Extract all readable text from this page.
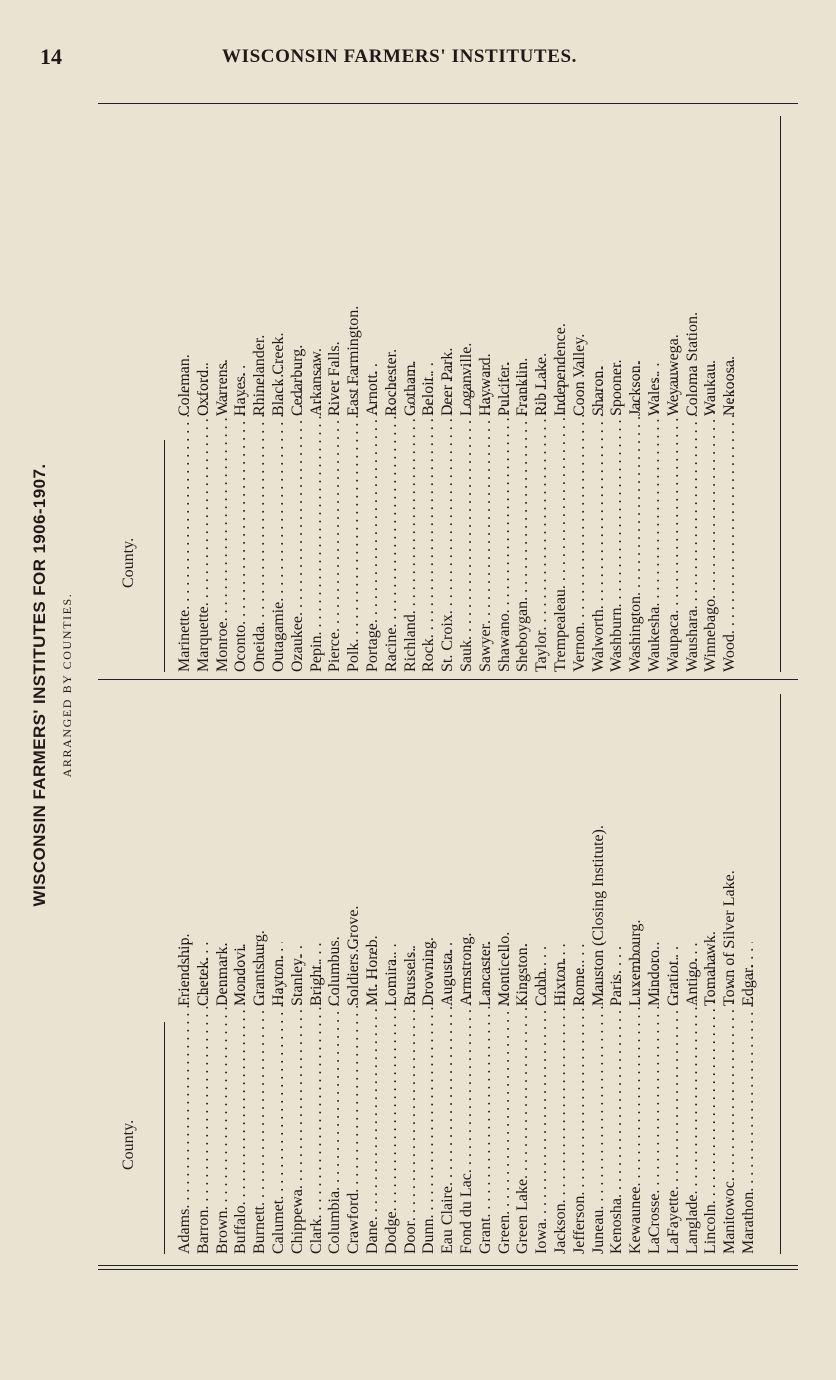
14	WISCONSIN FARMERS' INSTITUTES.
WISCONSIN FARMERS' INSTITUTES FOR 1906-1907. ARRANGED BY COUNTIES.
County.
Adams
. . . Barron
. . . Brown
. . . Buffalo
. . . Burnett
. . . Calumet
. . . Chippewa
. . . Clark
. . . Columbia
. . . Crawford
. . . Dane
. . . Dodge
. . . Door
. . . Dunn
. . . Eau Claire
. . . Fond du Lac
. . . Grant
. . . Green
. . . Green Lake
. . . Iowa
. . . Jackson
. . . Jefferson
. . . Juneau
. . . Kenosha
. . . Kewaunee
. . . LaCrosse
. . . LaFayette
. . . Langlade
. . . Lincoln
. . . Manitowoc
. . . Marathon
. . .
Friendship. Chetek. Denmark. Mondovi. Grantsburg. Hayton. Stanley. Bright. Columbus. Soldiers Grove. Mt. Horeb. Lomira. Brussels. Drowning. Augusta. Armstrong. Lancaster. Monticello. Kingston. Cobb. Hixton. Rome. Mauston (Closing Institute). Paris. Luxembourg. Mindoro. Gratiot. Antigo. Tomahawk. Town of Silver Lake. Edgar.
County.
Marinette
. . . Marquette
. . . Monroe
. . . Oconto
. . . Oneida
. . . Outagamie
. . . Ozaukee
. . . Pepin
. . . Pierce
. . . Polk
. . . Portage
. . . Racine
. . . Richland
. . . Rock
. . . St. Croix
. . . Sauk
. . . Sawyer
. . . Shawano
. . . Sheboygan
. . . Taylor
. . . Trempealeau
. . . Vernon
. . . Walworth
. . . Washburn
. . . Washington
. . . Waukesha
. . . Waupaca
. . . Waushara
. . . Winnebago
. . . Wood
. . .
Coleman. Oxford. Warrens. Hayes. Rhinelander. Black Creek. Cedarburg. Arkansaw. River Falls. East Farmington. Arnott. Rochester. Gotham. Beloit. Deer Park. Loganville. Hayward. Pulcifer. Franklin. Rib Lake. Independence. Coon Valley. Sharon. Spooner. Jackson. Wales. Weyauwega. Coloma Station. Waukau. Nekoosa.
